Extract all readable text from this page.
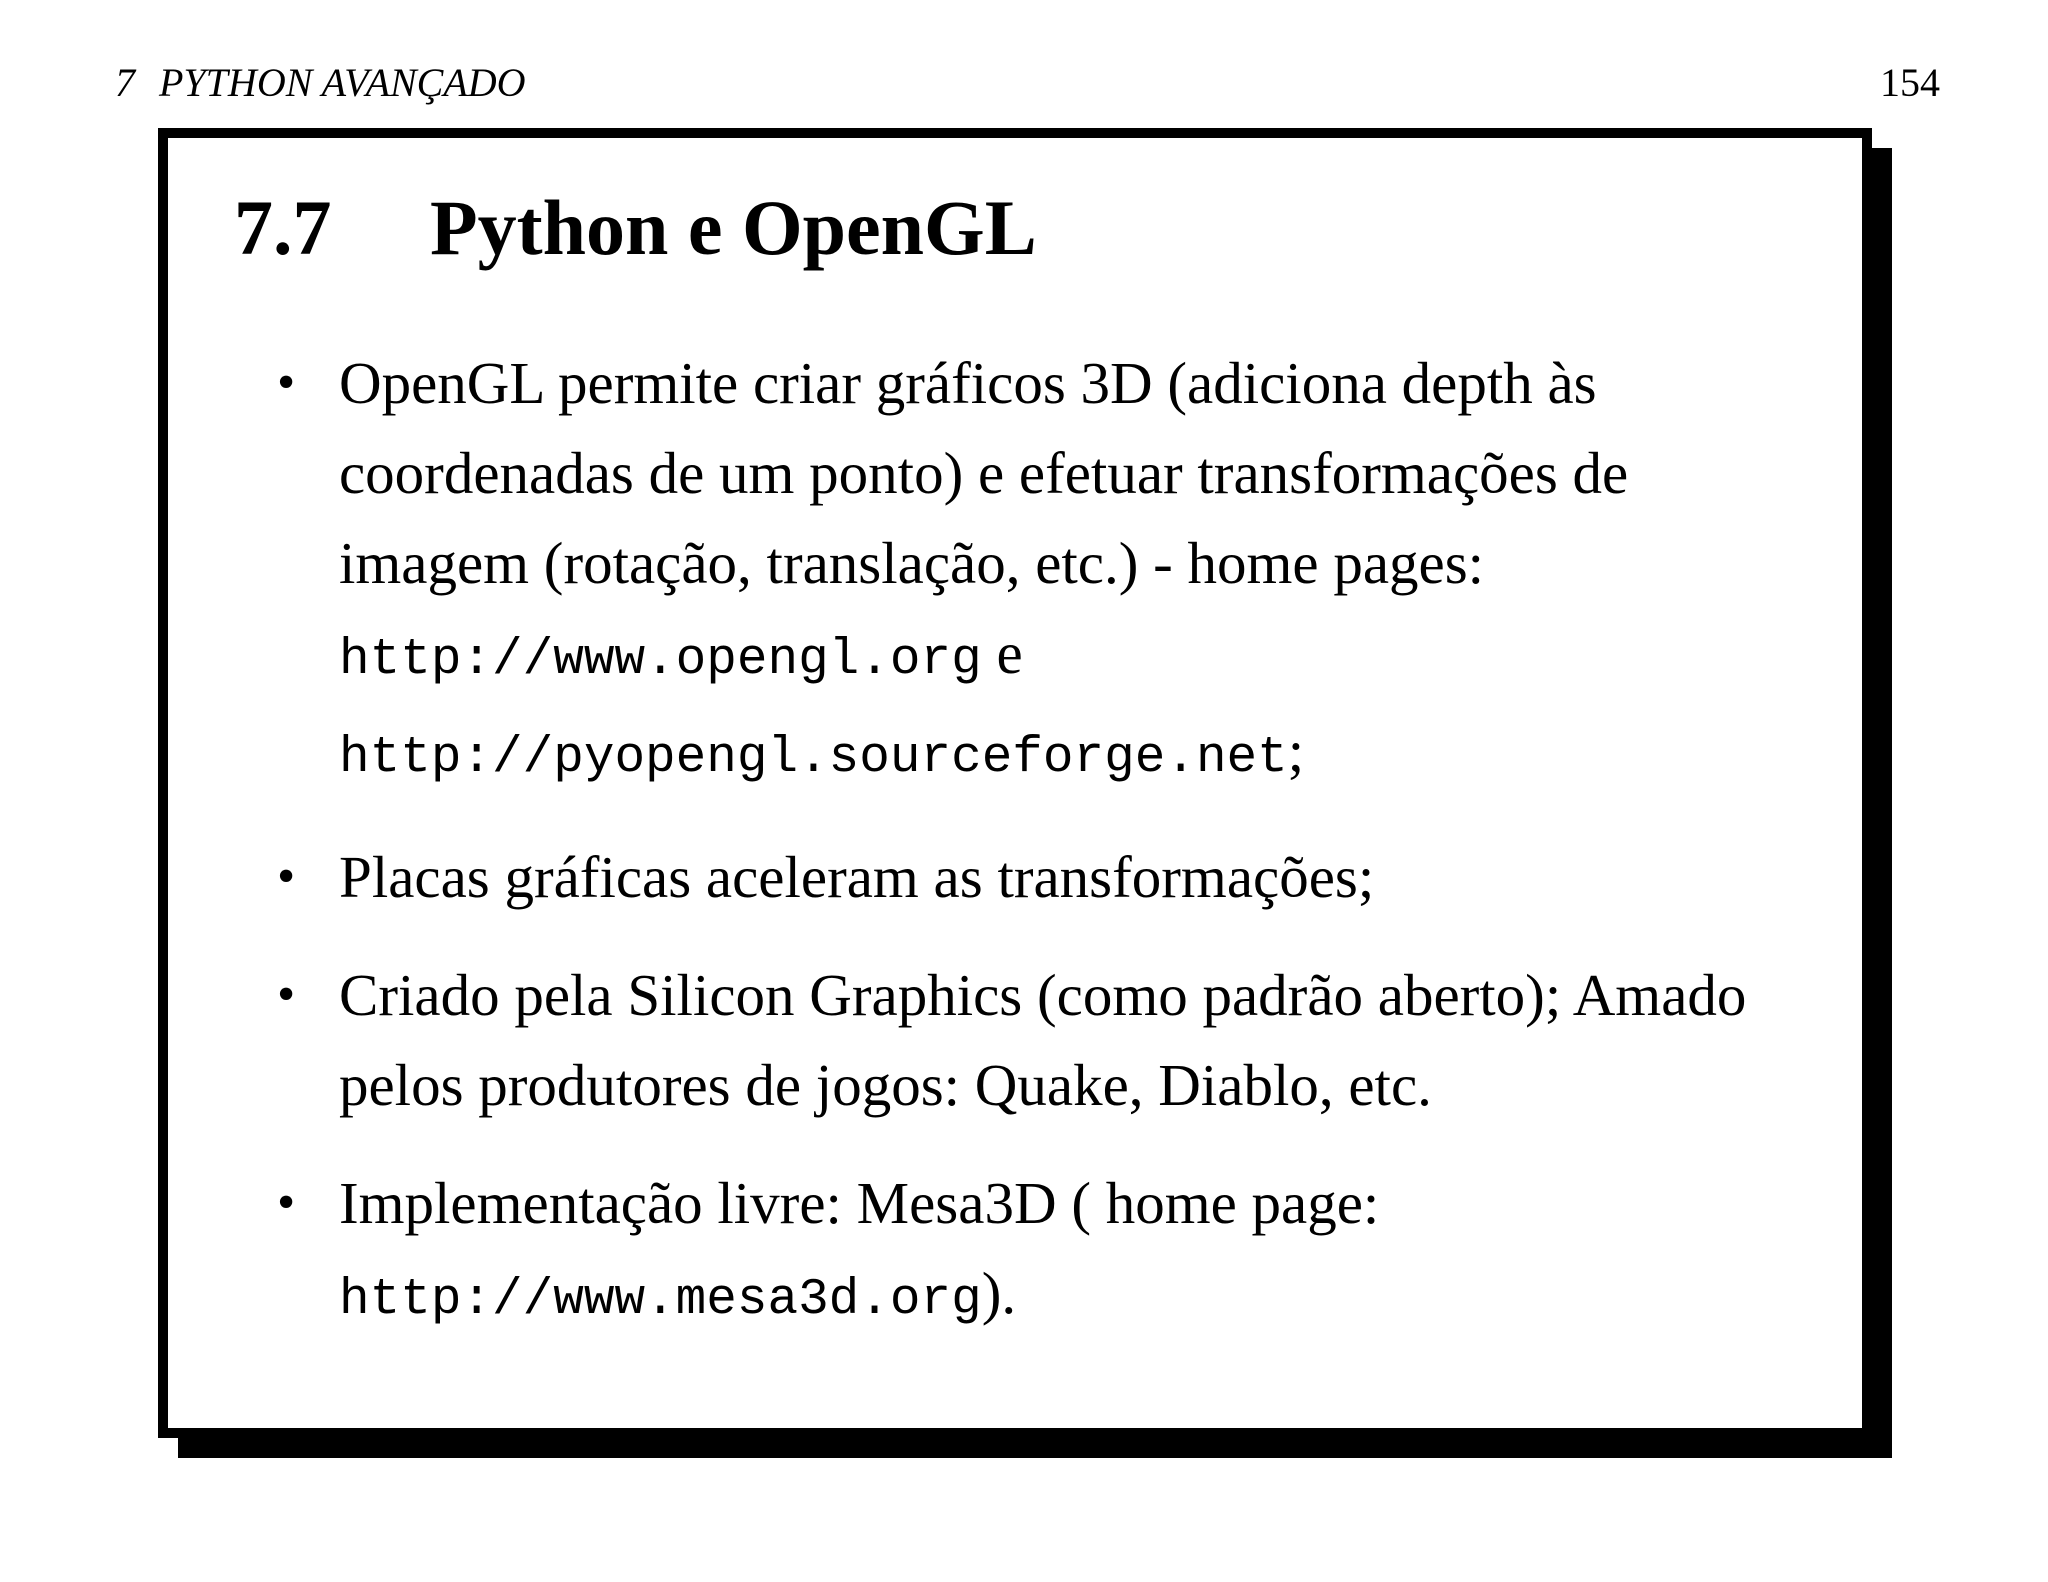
7 PYTHON AVANÇADO	154
7.7 Python e OpenGL
• OpenGL permite criar gráficos 3D (adiciona depth às coordenadas de um ponto) e efetuar transformações de imagem (rotação, translação, etc.) - home pages:
http://www.opengl.org e
http://pyopengl.sourceforge.net;
• Placas gráficas aceleram as transformações;
• Criado pela Silicon Graphics (como padrão aberto); Amado pelos produtores de jogos: Quake, Diablo, etc.
• Implementação livre: Mesa3D ( home page:
http://www.mesa3d.org).
